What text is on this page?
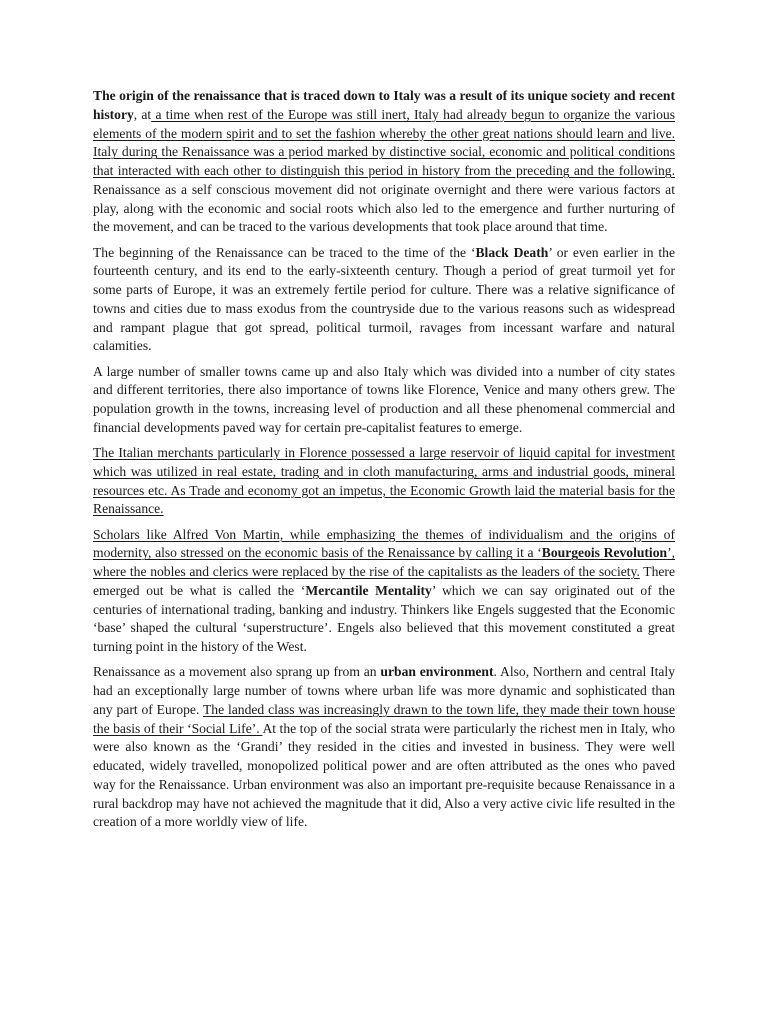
The origin of the renaissance that is traced down to Italy was a result of its unique society and recent history, at a time when rest of the Europe was still inert, Italy had already begun to organize the various elements of the modern spirit and to set the fashion whereby the other great nations should learn and live. Italy during the Renaissance was a period marked by distinctive social, economic and political conditions that interacted with each other to distinguish this period in history from the preceding and the following. Renaissance as a self conscious movement did not originate overnight and there were various factors at play, along with the economic and social roots which also led to the emergence and further nurturing of the movement, and can be traced to the various developments that took place around that time.

The beginning of the Renaissance can be traced to the time of the ‘Black Death’ or even earlier in the fourteenth century, and its end to the early-sixteenth century. Though a period of great turmoil yet for some parts of Europe, it was an extremely fertile period for culture. There was a relative significance of towns and cities due to mass exodus from the countryside due to the various reasons such as widespread and rampant plague that got spread, political turmoil, ravages from incessant warfare and natural calamities.

A large number of smaller towns came up and also Italy which was divided into a number of city states and different territories, there also importance of towns like Florence, Venice and many others grew. The population growth in the towns, increasing level of production and all these phenomenal commercial and financial developments paved way for certain pre-capitalist features to emerge.

The Italian merchants particularly in Florence possessed a large reservoir of liquid capital for investment which was utilized in real estate, trading and in cloth manufacturing, arms and industrial goods, mineral resources etc. As Trade and economy got an impetus, the Economic Growth laid the material basis for the Renaissance.

Scholars like Alfred Von Martin, while emphasizing the themes of individualism and the origins of modernity, also stressed on the economic basis of the Renaissance by calling it a ‘Bourgeois Revolution’, where the nobles and clerics were replaced by the rise of the capitalists as the leaders of the society. There emerged out be what is called the ‘Mercantile Mentality’ which we can say originated out of the centuries of international trading, banking and industry. Thinkers like Engels suggested that the Economic ‘base’ shaped the cultural ‘superstructure’. Engels also believed that this movement constituted a great turning point in the history of the West.

Renaissance as a movement also sprang up from an urban environment. Also, Northern and central Italy had an exceptionally large number of towns where urban life was more dynamic and sophisticated than any part of Europe. The landed class was increasingly drawn to the town life, they made their town house the basis of their ‘Social Life’. At the top of the social strata were particularly the richest men in Italy, who were also known as the ‘Grandi’ they resided in the cities and invested in business. They were well educated, widely travelled, monopolized political power and are often attributed as the ones who paved way for the Renaissance. Urban environment was also an important pre-requisite because Renaissance in a rural backdrop may have not achieved the magnitude that it did, Also a very active civic life resulted in the creation of a more worldly view of life.
